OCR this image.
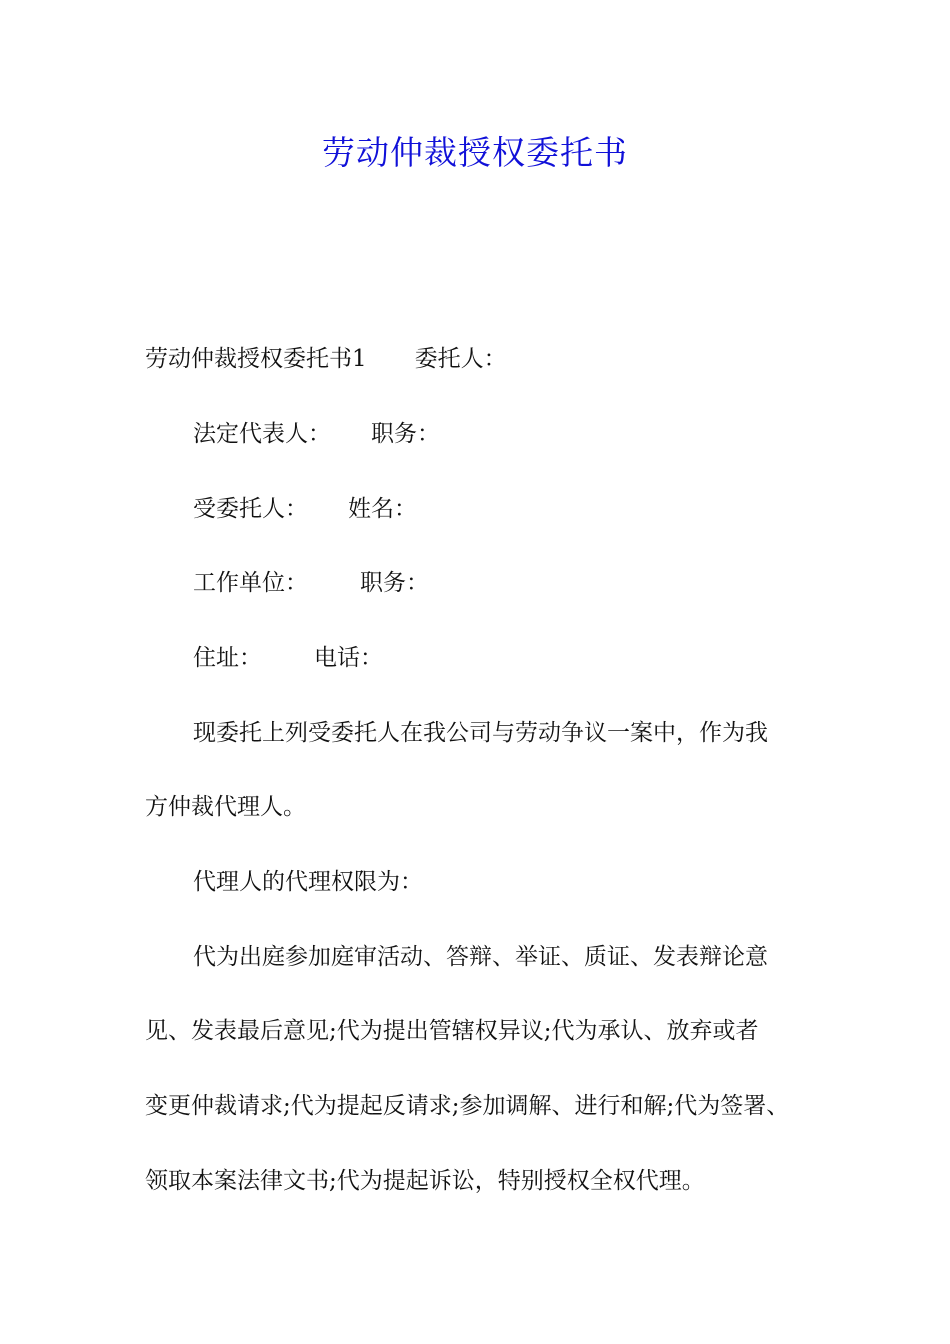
劳动仲裁授权委托书
劳动仲裁授权委托书1 委托人：
法定代表人： 职务：
受委托人： 姓名：
工作单位： 职务：
住址： 电话：
现委托上列受委托人在我公司与劳动争议一案中，作为我
方仲裁代理人。
代理人的代理权限为：
代为出庭参加庭审活动、答辩、举证、质证、发表辩论意
见、发表最后意见;代为提出管辖权异议;代为承认、放弃或者
变更仲裁请求;代为提起反请求;参加调解、进行和解;代为签署、
领取本案法律文书;代为提起诉讼，特别授权全权代理。
